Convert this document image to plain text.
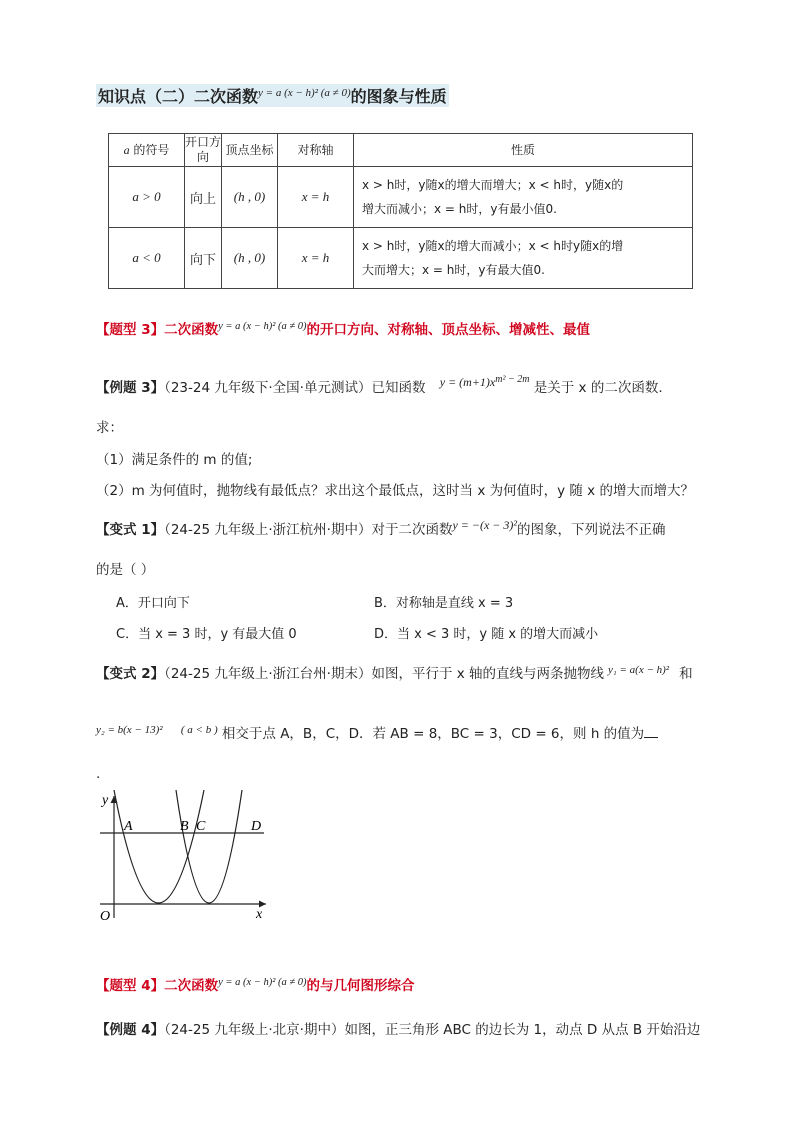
知识点（二）二次函数$^{y = a (x - h)^2 (a \ne 0)}$的图象与性质
a 的符号	开口方向	顶点坐标	对称轴	性质
a > 0	向上	(h , 0)	x = h	x > h时，y随x的增大而增大；x < h时，y随x的
增大而减小；x = h时，y有最小值0.

a < 0	向下	(h , 0)	x = h	x > h时，y随x的增大而减小；x < h时y随x的增
大而增大；x = h时，y有最大值0.
【题型 3】二次函数$^{y = a (x - h)^2 (a \ne 0)}$的开口方向、对称轴、顶点坐标、增减性、最值
【例题 3】（23-24 九年级下·全国·单元测试）已知函数 $y = (m+1)x^{m^2 - 2m}$ 是关于 x 的二次函数.
求：
（1）满足条件的 m 的值;
（2）m 为何值时，抛物线有最低点？求出这个最低点，这时当 x 为何值时，y 随 x 的增大而增大？
【变式 1】（24-25 九年级上·浙江杭州·期中）对于二次函数y = −(x − 3)²的图象，下列说法不正确
的是（ ）
A．开口向下	B．对称轴是直线 x = 3
C．当 x = 3 时，y 有最大值 0	D．当 x < 3 时，y 随 x 的增大而减小
【变式 2】（24-25 九年级上·浙江台州·期末）如图，平行于 x 轴的直线与两条抛物线 $^{y_1 = a(x - h)^2}$ 和
$^{y_2 = b(x - 13)^2}$ $^{( a < b )}$ 相交于点 A，B，C，D．若 AB = 8，BC = 3，CD = 6，则 h 的值为
.
y
x
O
A	B C	D
【题型 4】二次函数$^{y = a (x - h)^2 (a \ne 0)}$的与几何图形综合
【例题 4】（24-25 九年级上·北京·期中）如图，正三角形 ABC 的边长为 1，动点 D 从点 B 开始沿边
